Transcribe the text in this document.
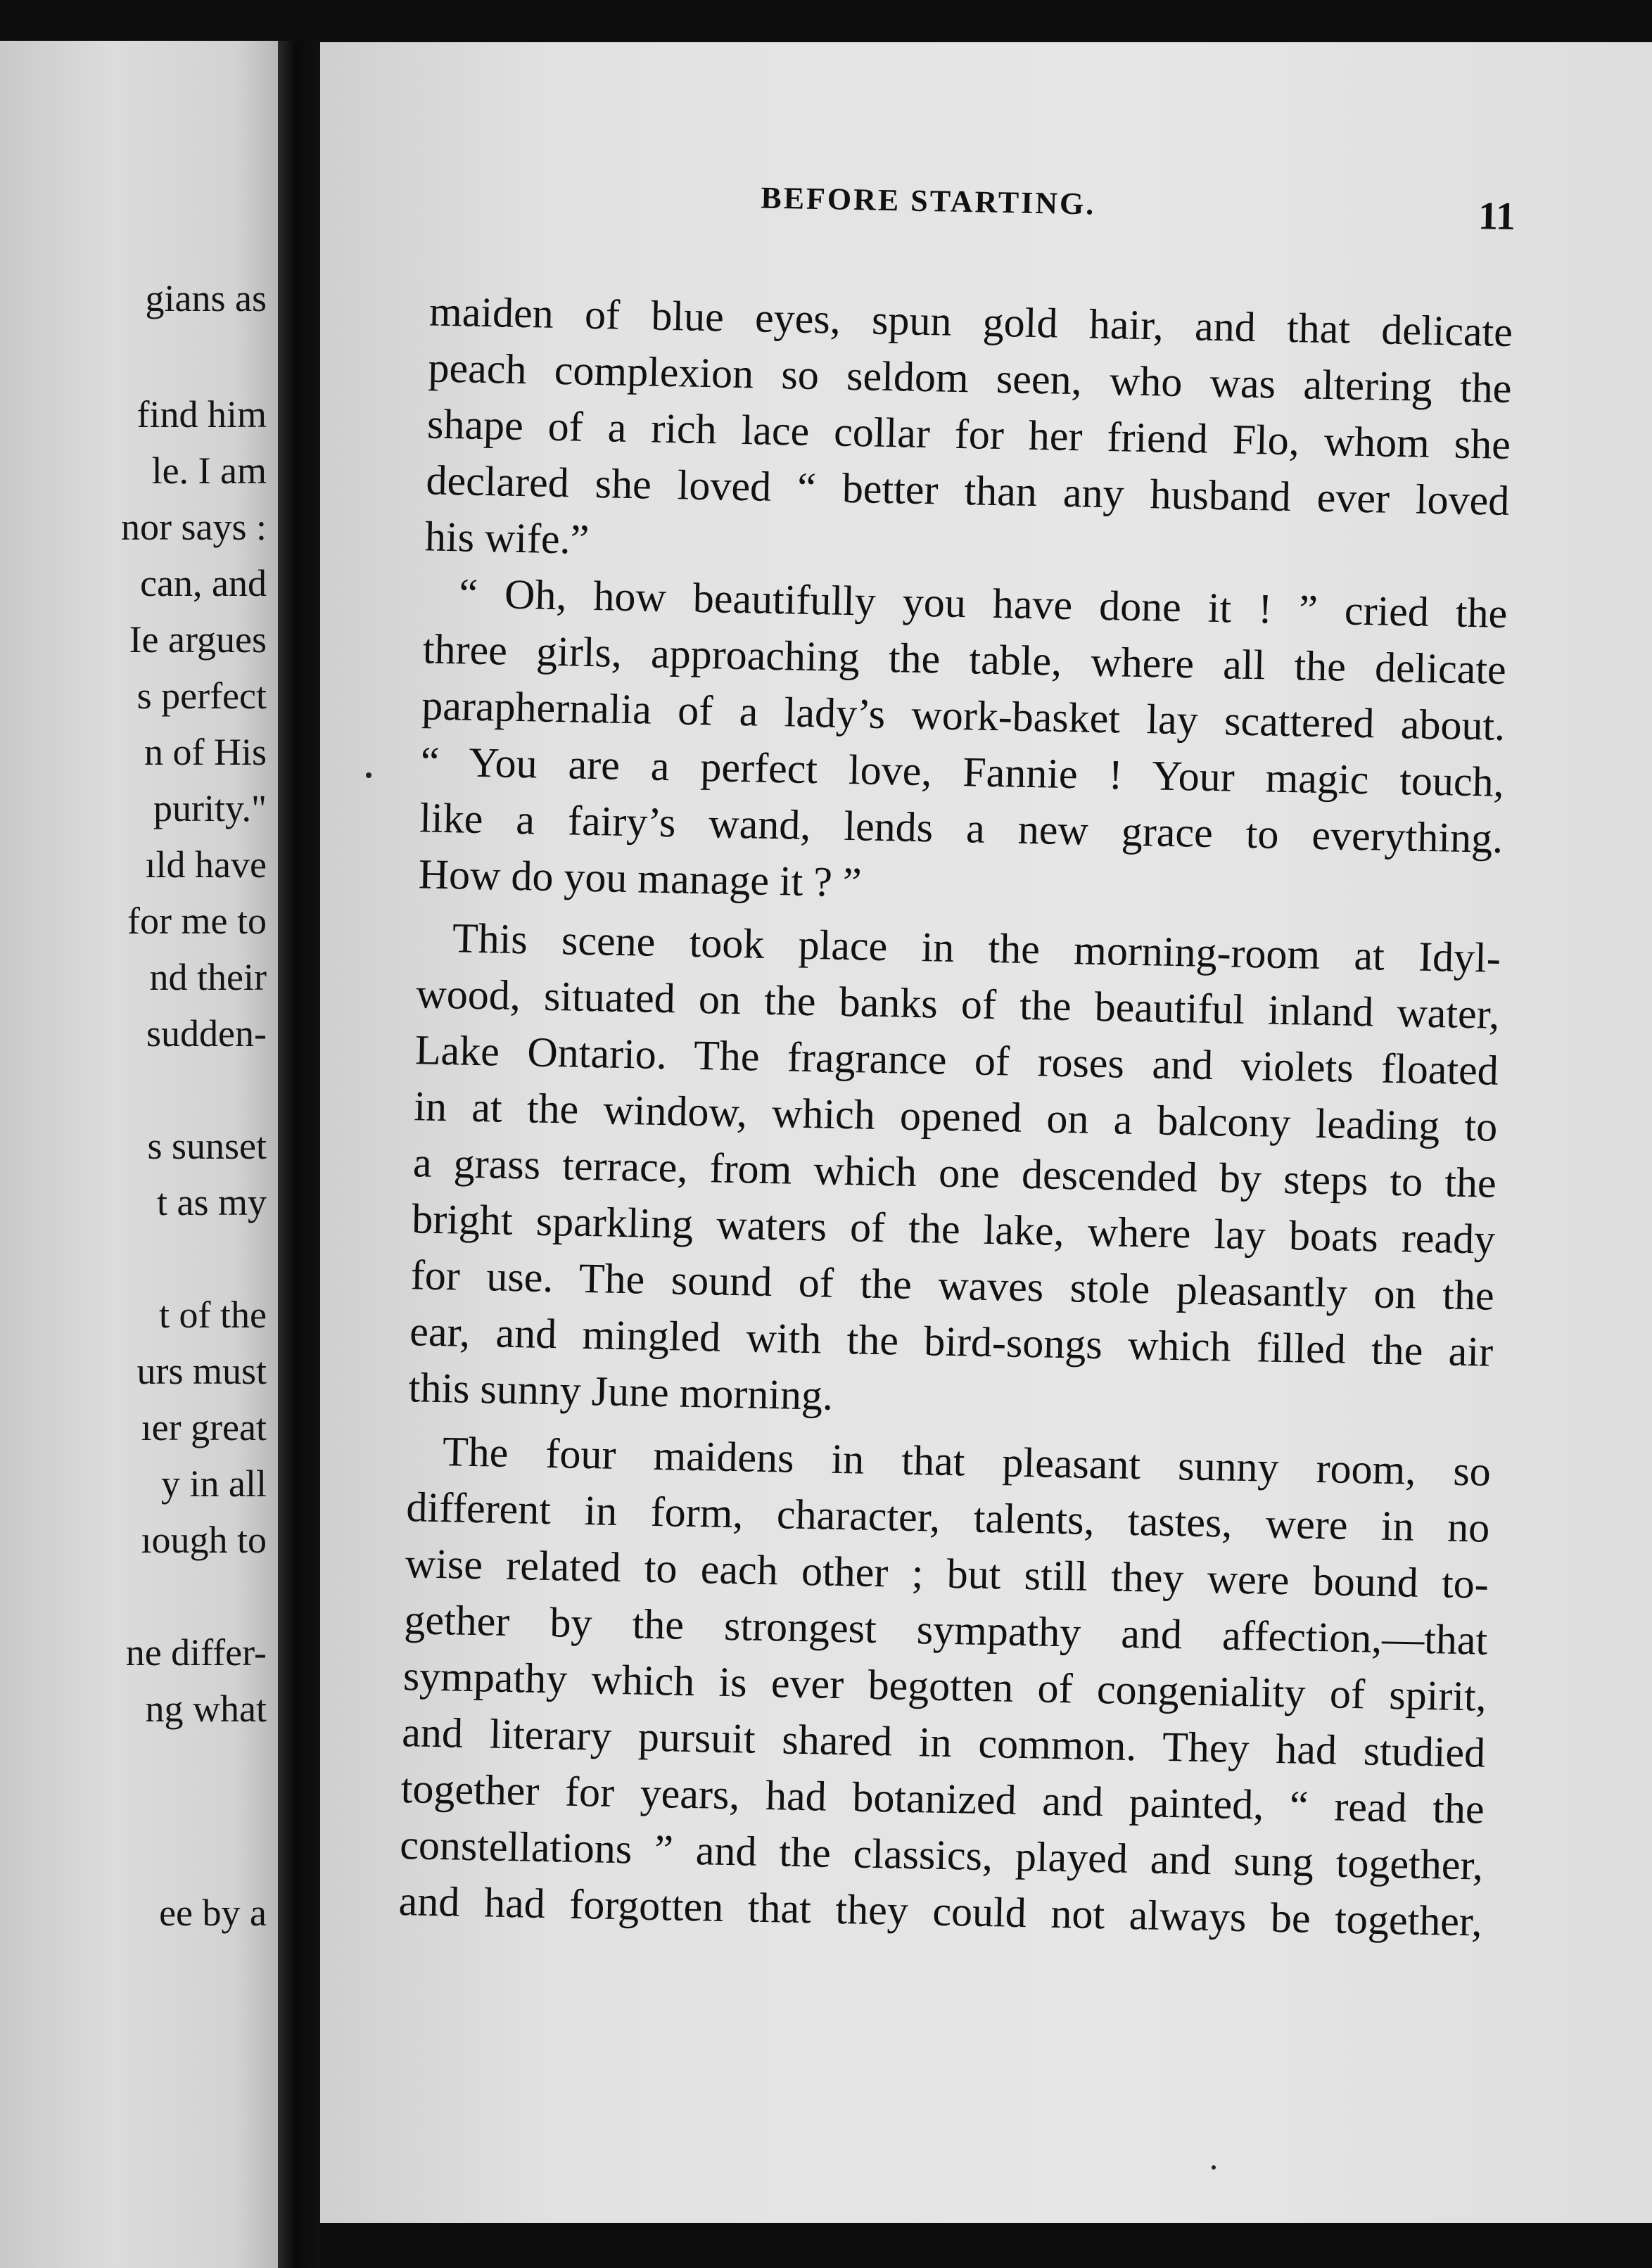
gians as
find him
le. I am
nor says :
can, and
Ie argues
s perfect
n of His
purity."
ıld have
for me to
nd their
sudden-
s sunset
t as my
t of the
urs must
ıer great
y in all
ıough to
ne differ-
ng what
ee by a
BEFORE STARTING.	11
maiden of blue eyes, spun gold hair, and that delicate
peach complexion so seldom seen, who was altering the
shape of a rich lace collar for her friend Flo, whom she
declared she loved “ better than any husband ever loved
his wife.”
“ Oh, how beautifully you have done it ! ” cried the
three girls, approaching the table, where all the delicate
paraphernalia of a lady’s work-basket lay scattered about.
“ You are a perfect love, Fannie ! Your magic touch,
like a fairy’s wand, lends a new grace to everything.
How do you manage it ? ”
This scene took place in the morning-room at Idyl-
wood, situated on the banks of the beautiful inland water,
Lake Ontario. The fragrance of roses and violets floated
in at the window, which opened on a balcony leading to
a grass terrace, from which one descended by steps to the
bright sparkling waters of the lake, where lay boats ready
for use. The sound of the waves stole pleasantly on the
ear, and mingled with the bird-songs which filled the air
this sunny June morning.
The four maidens in that pleasant sunny room, so
different in form, character, talents, tastes, were in no
wise related to each other ; but still they were bound to-
gether by the strongest sympathy and affection,—that
sympathy which is ever begotten of congeniality of spirit,
and literary pursuit shared in common. They had studied
together for years, had botanized and painted, “ read the
constellations ” and the classics, played and sung together,
and had forgotten that they could not always be together,
